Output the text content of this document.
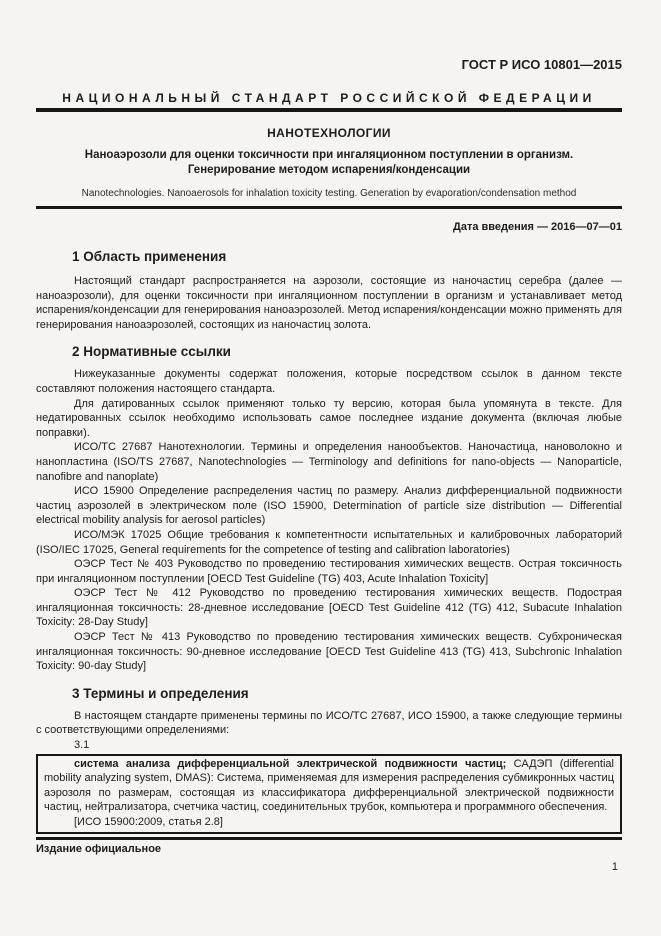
ГОСТ Р ИСО 10801—2015
НАЦИОНАЛЬНЫЙ СТАНДАРТ РОССИЙСКОЙ ФЕДЕРАЦИИ
НАНОТЕХНОЛОГИИ
Наноаэрозоли для оценки токсичности при ингаляционном поступлении в организм.
Генерирование методом испарения/конденсации
Nanotechnologies. Nanoaerosols for inhalation toxicity testing. Generation by evaporation/condensation method
Дата введения — 2016—07—01
1 Область применения

Настоящий стандарт распространяется на аэрозоли, состоящие из наночастиц серебра (далее — наноаэрозоли), для оценки токсичности при ингаляционном поступлении в организм и устанавливает метод испарения/конденсации для генерирования наноаэрозолей. Метод испарения/конденсации можно применять для генерирования наноаэрозолей, состоящих из наночастиц золота.

2 Нормативные ссылки

Нижеуказанные документы содержат положения, которые посредством ссылок в данном тексте составляют положения настоящего стандарта.

Для датированных ссылок применяют только ту версию, которая была упомянута в тексте. Для недатированных ссылок необходимо использовать самое последнее издание документа (включая любые поправки).

ИСО/ТС 27687 Нанотехнологии. Термины и определения нанообъектов. Наночастица, нановолокно и нанопластина (ISO/TS 27687, Nanotechnologies — Terminology and definitions for nano-objects — Nanoparticle, nanofibre and nanoplate)

ИСО 15900 Определение распределения частиц по размеру. Анализ дифференциальной подвижности частиц аэрозолей в электрическом поле (ISO 15900, Determination of particle size distribution — Differential electrical mobility analysis for aerosol particles)

ИСО/МЭК 17025 Общие требования к компетентности испытательных и калибровочных лабораторий (ISO/IEC 17025, General requirements for the competence of testing and calibration laboratories)

ОЭСР Тест № 403 Руководство по проведению тестирования химических веществ. Острая токсичность при ингаляционном поступлении [OECD Test Guideline (TG) 403, Acute Inhalation Toxicity]

ОЭСР Тест № 412 Руководство по проведению тестирования химических веществ. Подострая ингаляционная токсичность: 28-дневное исследование [OECD Test Guideline 412 (TG) 412, Subacute Inhalation Toxicity: 28-Day Study]

ОЭСР Тест № 413 Руководство по проведению тестирования химических веществ. Субхроническая ингаляционная токсичность: 90-дневное исследование [OECD Test Guideline 413 (TG) 413, Subchronic Inhalation Toxicity: 90-day Study]

3 Термины и определения

В настоящем стандарте применены термины по ИСО/ТС 27687, ИСО 15900, а также следующие термины с соответствующими определениями:

3.1

система анализа дифференциальной электрической подвижности частиц; САДЭП (differential mobility analyzing system, DMAS): Система, применяемая для измерения распределения субмикронных частиц аэрозоля по размерам, состоящая из классификатора дифференциальной электрической подвижности частиц, нейтрализатора, счетчика частиц, соединительных трубок, компьютера и программного обеспечения.

[ИСО 15900:2009, статья 2.8]

Издание официальное
1
